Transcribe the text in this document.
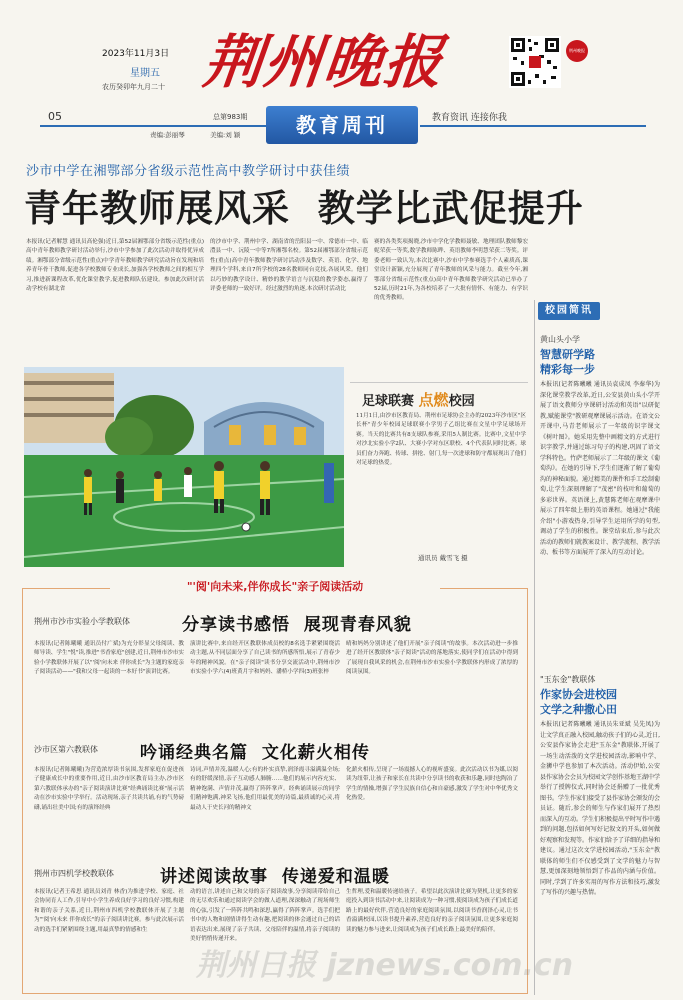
2023年11月3日
星期五
农历癸卯年九月二十 荆州晚报	荆州晚报
05	总第983期
责编:彭丽琴	美编:刘 颖	教育周刊	教育资讯 连接你我
沙市中学在湘鄂部分省级示范性高中教学研讨中获佳绩
青年教师展风采  教学比武促提升
本报讯(记者解慧 通讯员高伦强)近日,第52届湘鄂部分省级示范性(重点)高中青年教师教学研讨活动举行,沙市中学参加了此次活动并取得优异成绩。湘鄂部分省级示范性(重点)中学青年教师教学研究活动旨在发现和培养青年骨干教师,促进各学校教师专业成长,加强各学校教师之间的相互学习,推进新课程改革,优化课堂教学,促进教师队伍建设。参加此次研讨活动学校有湖北省
的沙市中学、荆州中学、湖南省的岳阳县一中、常德市一中、临澧县一中、沅陵一中等7所湘鄂名校。第52届湘鄂部分省级示范性(重点)高中青年教师教学研讨活动涉及数学、英语、化学、地理四个学科,来自7所学校的28名教师同台竞技,各展风采。他们以巧妙的教学设计、精妙的教学语言与沉稳的教学姿态,赢得了评委老师的一致好评。经过激烈的角逐,本次研讨活动比
赛的各类奖项揭晓,沙市中学化学教师聂敏、地理团队教师黎宏妮荣获一等奖,数学教师陈晔、英语教师李明慧荣获二等奖。评委老师一致认为,本次比赛中,沙市中学参赛选手个人素质高,课堂设计新颖,充分展现了青年教师的风采与能力。截至今年,湘鄂部分省级示范性(重点)高中青年教师教学研究活动已举办了52届,历时21年,为各校培养了一大批有情怀、有能力、有学识的优秀教师。
足球联赛 点燃校园
11月1日,由沙市区教育局、荆州市足球协会主办的2023年沙市区"区长杯"青少年校园足球联赛小学男子乙组比赛在文星中学足球场开赛。当天的比赛共有8支球队参赛,采用5人制比赛。比赛中,文星中学对沙北实验小学2队、大赛小学对东区联校、4个代表队同时比赛。球员们奋力奔跑、传球、拼抢、射门,每一次进球和防守都展现出了他们对足球的热爱。
通讯员 戴雪飞 摄
校园简讯
黄山头小学
智慧研学路
精彩每一步
本报讯(记者陈曦曦 通讯员袁成凤 李秦华)为深化课堂教学改革,近日,公安县黄山头小学开展了语文教师分享课研讨活动和英语"以研促教,赋能课堂"教研观摩课展示活动。在语文公开课中,马青老师展示了一年级的识字课文《树叶图》。她采用先整中画精文的方式进行识字教学,并通过练习句子的构建,巩固了语文学科特色。竹萨老师展示了二年级的课文《葡萄沟》。在她的引导下,学生们逐渐了解了葡萄沟的神秘面貌。通过精美的课件和手工绘制葡萄,让学生深刻理解了"茂密"的枝叶和葡萄的多彩世界。英语课上,黄慧陈老师在观摩课中展示了四年级上册的英语课程。她通过"我能介绍"小游戏热身,引导学生运用所学的句型,调动了学生的积极性。课堂结束后,参与此次活动的教师们就教案设计、教学流程、教学活动、板书等方面展开了深入的互动讨论。
"玉东金"教联体
作家协会进校园
文学之种撒心田
本报讯(记者陈曦曦 通讯员朱亚斌 吴先凤)为让文学真正融入校园,触动孩子们的心灵,近日,公安县作家协会走进"玉东金"教联体,开展了一场生动活泼的文学进校园活动,影响中学、金狮中学也参加了本次活动。活动伊始,公安县作家协会会员为校园文学创作基地王湖中学举行了授牌仪式,同时协会还捐赠了一批优秀图书。学生作家们接受了县作家协会颁发的会员证。随后,参会的师生与作家们展开了热烈而深入的互动。学生们积极提出平时写作中遇到的问题,包括如何写好记叙文的开头,如何做好观察和发现等。作家们给予了详细的指导和建议。通过这次文学进校园活动,"玉东金"教联体的师生们不仅感受到了文学的魅力与智慧,更加深刻地领悟到了作品的内涵与价值。同时,学到了许多实用的写作方法和技巧,激发了写作的兴趣与热情。
"'阅'向未来,伴你成长"亲子阅读活动
荆州市沙市实验小学教联体	分享读书感悟  展现青春风貌
本报讯(记者陈曦曦 通讯员付广斌)为充分彰显父母阅读、教师导读、学生"悦"读,推进"书香家庭"创建,近日,荆州市沙市实验小学教联体开展了以"'阅'向未来 伴你成长"为主题的家庭亲子阅读活动——"我和父母一起读的一本好书"演讲比赛。
演讲比赛中,来自经开区教联体成员校的8名选手紧紧围绕活动主题,从不同层面分享了自己读书的所感所悟,展示了青春少年的精神风貌。在"亲子阅读"读书分享交流活动中,荆州市沙市实验小学六(4)班黄月宇和妈妈、潘桥小学四(3)班张梓
晴和妈妈分别讲述了他们开展"亲子阅读"的故事。本次活动进一步推进了经开区教联体"亲子阅读"活动的落地落实,使同学们在活动中得到了展现自我风采的机会,在荆州市沙市实验小学教联体内形成了浓厚的阅读氛围。
沙市区第六教联体 吟诵经典名篇  文化薪火相传
本报讯(记者陈曦曦)为营造浓厚读书氛围,发挥家庭在促进孩子健康成长中的重要作用,近日,由沙市区教育局主办,沙市区第六教联体承办的"亲子阅读演讲比赛"经典诵读比赛"展示活动在沙市实验中学举行。活动现场,亲子共读共诵,有的气势磅礴,诵出壮美中国;有的演绎经典
诗词,声情并茂,温暖人心;有的朴实真挚,润泽霞寻溢满温全场;有的舒缓深情,亲子互动感人肺腑……他们的展示内容充实、精神饱满、声情并茂,赢得了阵阵掌声。经典诵读展示的同学们精神饱满,神采飞扬,他们用最优美的诗篇,最质诚的心灵,将最动人于史长河的精神文
化薪火相传,呈现了一场震撼人心的视听盛宴。此次活动以书为媒,以阅读为纽带,让孩子和家长在共读中分享读书的收获和乐趣,同时也陶冶了学生的情操,增强了学生民族自信心和自豪感,激发了学生对中华优秀文化热爱。
荆州市四机学校教联体	讲述阅读故事  传递爱和温暖
本报讯(记者王希思 通讯员刘青 林香)为推进学校、家庭、社会协同育人工作,引导中小学生养成良好学习的良好习惯,构建和谐的亲子关系,近日,荆州市四机学校教联体开展了主题为"'阅'向未来 伴你成长"的亲子阅读讲比赛。参与此次展示活动的选手们紧紧围绕主题,用最真挚的情感和生
动的语言,讲述自己和父母的亲子阅读故事,分享阅读带给自己的无尽欢乐和通过阅读学会的做人道理,深深触动了现场师生的心弦,引发了一阵阵共鸣和深思,赢得了阵阵掌声。选手们把书中的人物和剧情讲得生动有趣,把阅读的体会通过自己的话语表达出来,展现了亲子共读、父母陪伴的温情,将亲子阅读的美好悄悄传递开来。
生哲理,爱和温暖传递给孩子。希望以此次演讲比赛为契机,让更多的家庭投入到读书活动中来,让阅读成为一种习惯,使阅读成为孩子们成长道路上的最好伙伴,营造良好的家庭阅读氛围,以阅读书香润泽心灵,让书香溢满校园,以读书提升素养,营造良好的亲子阅读氛围,让更多家庭阅读的魅力参与进来,让阅读成为孩子们成长路上最美好的陪伴。
荆州日报 jznews.com.cn
